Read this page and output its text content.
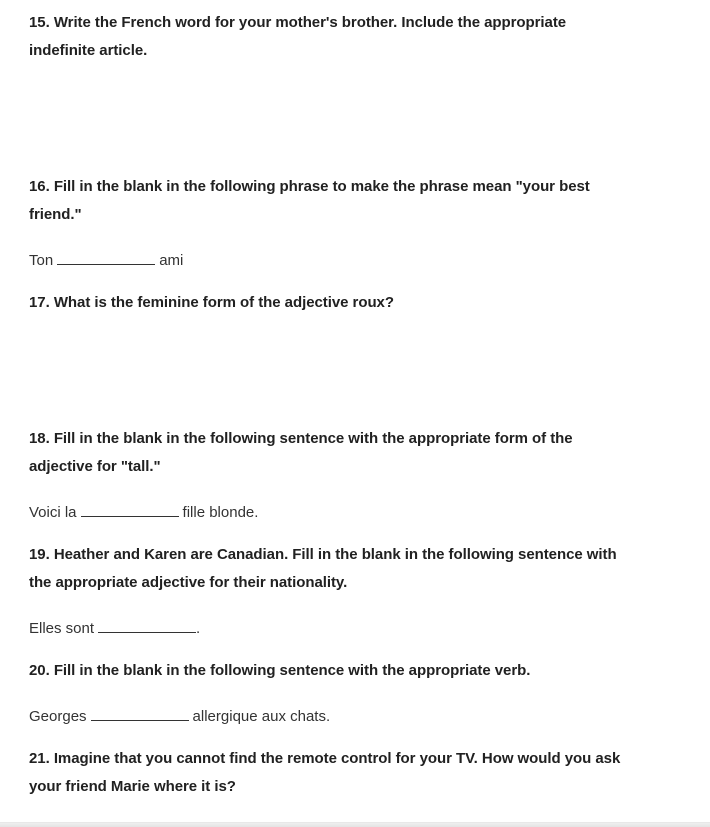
15. Write the French word for your mother's brother. Include the appropriate indefinite article.
16. Fill in the blank in the following phrase to make the phrase mean "your best friend."
Ton	ami
17. What is the feminine form of the adjective roux?
18. Fill in the blank in the following sentence with the appropriate form of the adjective for "tall."
Voici la	fille blonde.
19. Heather and Karen are Canadian. Fill in the blank in the following sentence with the appropriate adjective for their nationality.
Elles sont	.
20. Fill in the blank in the following sentence with the appropriate verb.
Georges	allergique aux chats.
21. Imagine that you cannot find the remote control for your TV. How would you ask your friend Marie where it is?
